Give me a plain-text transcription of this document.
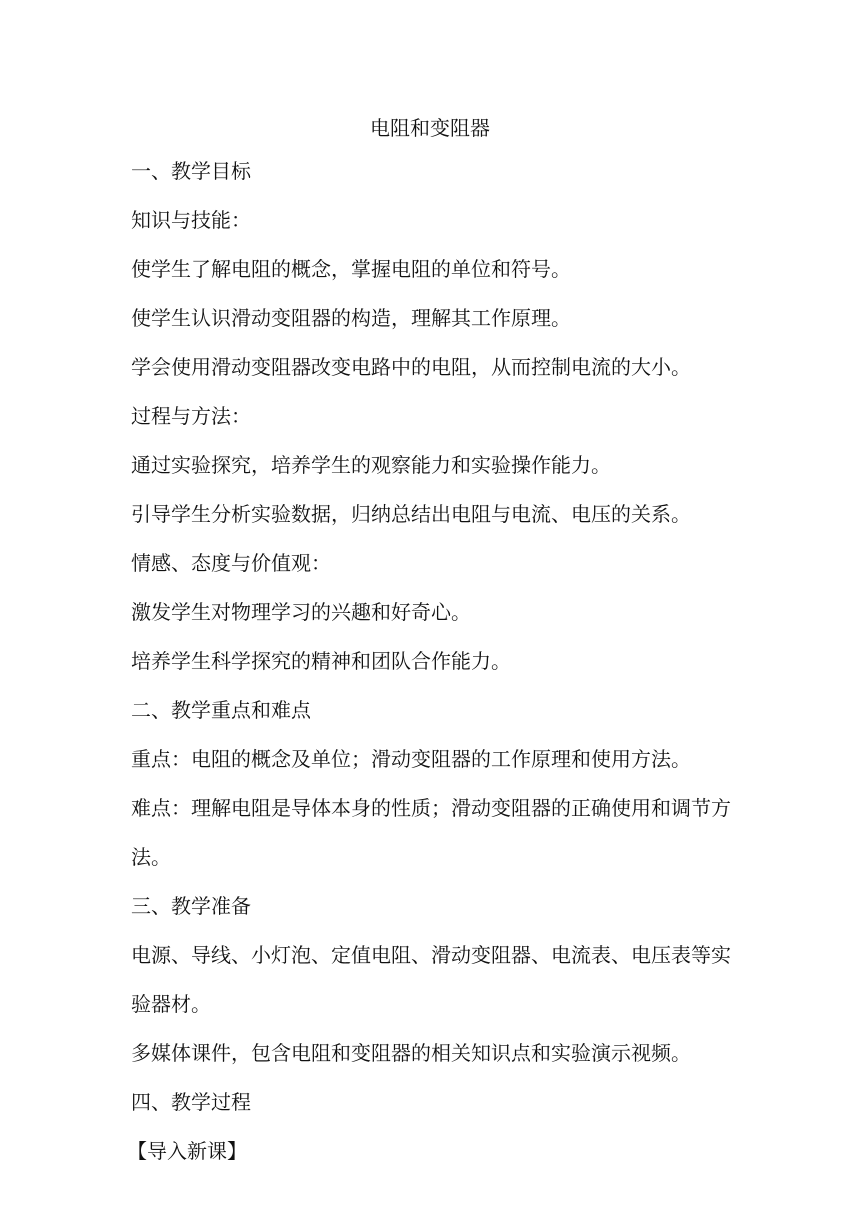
电阻和变阻器

一、教学目标

知识与技能：

使学生了解电阻的概念，掌握电阻的单位和符号。

使学生认识滑动变阻器的构造，理解其工作原理。

学会使用滑动变阻器改变电路中的电阻，从而控制电流的大小。

过程与方法：

通过实验探究，培养学生的观察能力和实验操作能力。

引导学生分析实验数据，归纳总结出电阻与电流、电压的关系。

情感、态度与价值观：

激发学生对物理学习的兴趣和好奇心。

培养学生科学探究的精神和团队合作能力。

二、教学重点和难点

重点：电阻的概念及单位；滑动变阻器的工作原理和使用方法。

难点：理解电阻是导体本身的性质；滑动变阻器的正确使用和调节方法。

三、教学准备

电源、导线、小灯泡、定值电阻、滑动变阻器、电流表、电压表等实验器材。

多媒体课件，包含电阻和变阻器的相关知识点和实验演示视频。

四、教学过程

【导入新课】
